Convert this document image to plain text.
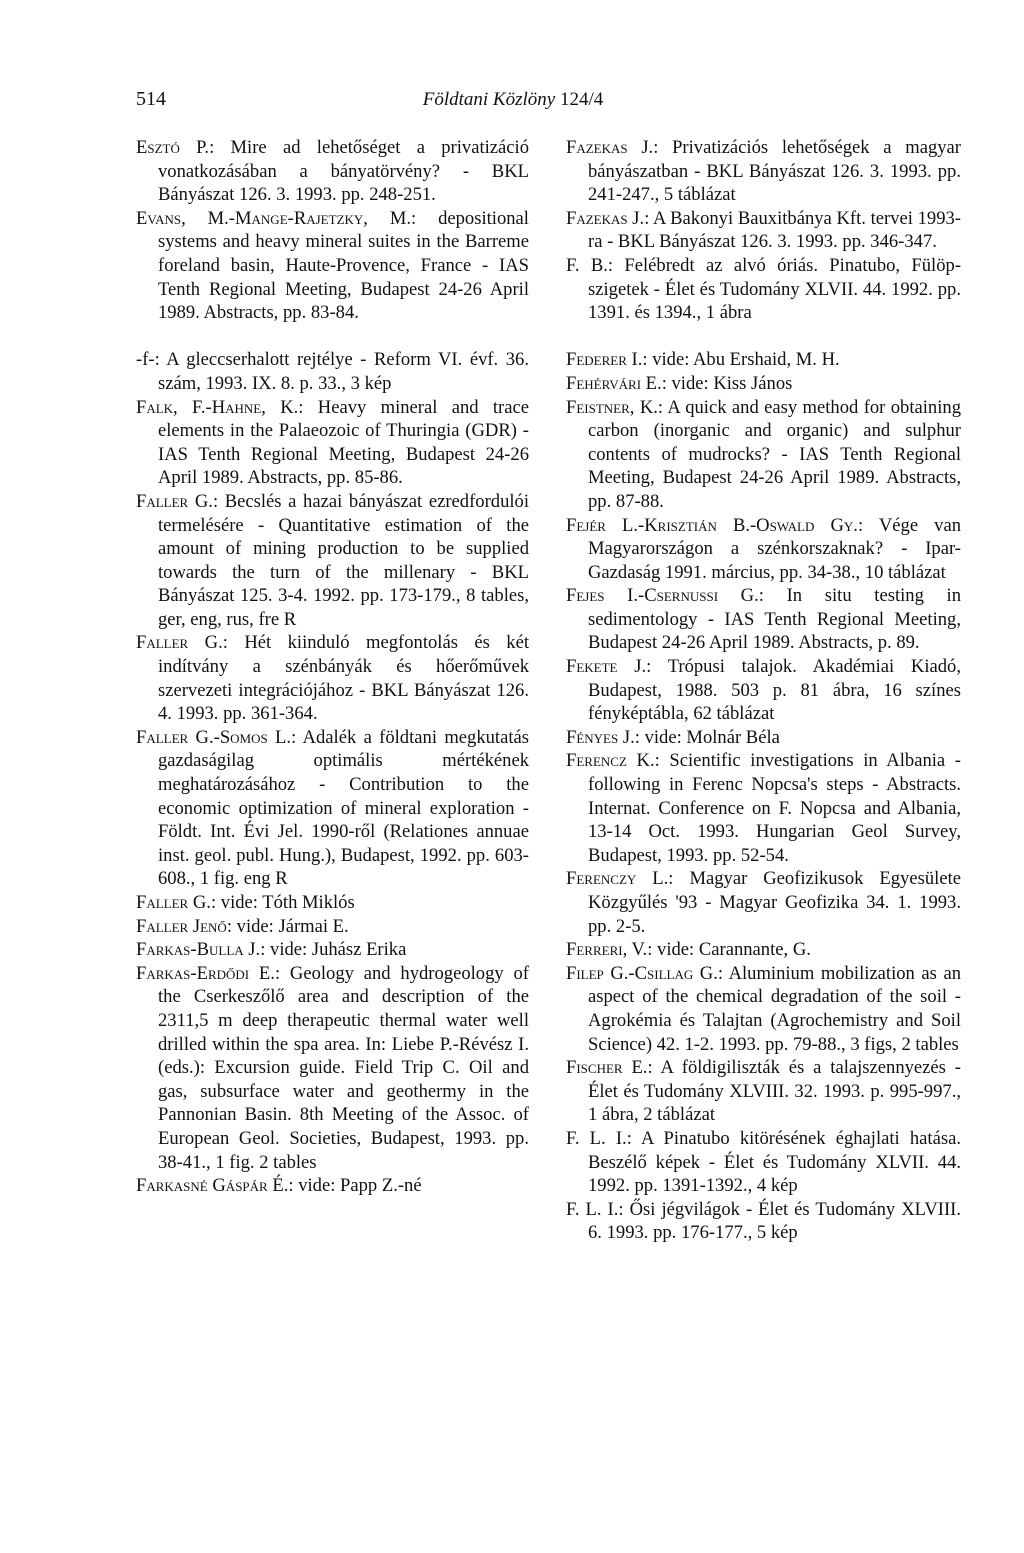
514	Földtani Közlöny 124/4
Esztó P.: Mire ad lehetőséget a privatizáció vonatkozásában a bányatörvény? - BKL Bányászat 126. 3. 1993. pp. 248-251.
Evans, M.-Mange-Rajetzky, M.: depositional systems and heavy mineral suites in the Barreme foreland basin, Haute-Provence, France - IAS Tenth Regional Meeting, Budapest 24-26 April 1989. Abstracts, pp. 83-84.
-f-: A gleccserhalott rejtélye - Reform VI. évf. 36. szám, 1993. IX. 8. p. 33., 3 kép
Falk, F.-Hahne, K.: Heavy mineral and trace elements in the Palaeozoic of Thuringia (GDR) - IAS Tenth Regional Meeting, Budapest 24-26 April 1989. Abstracts, pp. 85-86.
Faller G.: Becslés a hazai bányászat ezredfordulói termelésére - Quantitative estimation of the amount of mining production to be supplied towards the turn of the millenary - BKL Bányászat 125. 3-4. 1992. pp. 173-179., 8 tables, ger, eng, rus, fre R
Faller G.: Hét kiinduló megfontolás és két indítvány a szénbányák és hőerőművek szervezeti integrációjához - BKL Bányászat 126. 4. 1993. pp. 361-364.
Faller G.-Somos L.: Adalék a földtani megkutatás gazdaságilag optimális mértékének meghatározásához - Contribution to the economic optimization of mineral exploration - Földt. Int. Évi Jel. 1990-ről (Relationes annuae inst. geol. publ. Hung.), Budapest, 1992. pp. 603-608., 1 fig. eng R
Faller G.: vide: Tóth Miklós
Faller Jenő: vide: Jármai E.
Farkas-Bulla J.: vide: Juhász Erika
Farkas-Erdődi E.: Geology and hydrogeology of the Cserkeszőlő area and description of the 2311,5 m deep therapeutic thermal water well drilled within the spa area. In: Liebe P.-Révész I.(eds.): Excursion guide. Field Trip C. Oil and gas, subsurface water and geothermy in the Pannonian Basin. 8th Meeting of the Assoc. of European Geol. Societies, Budapest, 1993. pp. 38-41., 1 fig. 2 tables
Farkasné Gáspár É.: vide: Papp Z.-né
Fazekas J.: Privatizációs lehetőségek a magyar bányászatban - BKL Bányászat 126. 3. 1993. pp. 241-247., 5 táblázat
Fazekas J.: A Bakonyi Bauxitbánya Kft. tervei 1993-ra - BKL Bányászat 126. 3. 1993. pp. 346-347.
F. B.: Felébredt az alvó óriás. Pinatubo, Fülöp-szigetek - Élet és Tudomány XLVII. 44. 1992. pp. 1391. és 1394., 1 ábra
Federer I.: vide: Abu Ershaid, M. H.
Fehérvári E.: vide: Kiss János
Feistner, K.: A quick and easy method for obtaining carbon (inorganic and organic) and sulphur contents of mudrocks? - IAS Tenth Regional Meeting, Budapest 24-26 April 1989. Abstracts, pp. 87-88.
Fejér L.-Krisztián B.-Oswald Gy.: Vége van Magyarországon a szénkorszaknak? - Ipar-Gazdaság 1991. március, pp. 34-38., 10 táblázat
Fejes I.-Csernussi G.: In situ testing in sedimentology - IAS Tenth Regional Meeting, Budapest 24-26 April 1989. Abstracts, p. 89.
Fekete J.: Trópusi talajok. Akadémiai Kiadó, Budapest, 1988. 503 p. 81 ábra, 16 színes fényképtábla, 62 táblázat
Fényes J.: vide: Molnár Béla
Ferencz K.: Scientific investigations in Albania - following in Ferenc Nopcsa's steps - Abstracts. Internat. Conference on F. Nopcsa and Albania, 13-14 Oct. 1993. Hungarian Geol Survey, Budapest, 1993. pp. 52-54.
Ferenczy L.: Magyar Geofizikusok Egyesülete Közgyűlés '93 - Magyar Geofizika 34. 1. 1993. pp. 2-5.
Ferreri, V.: vide: Carannante, G.
Filep G.-Csillag G.: Aluminium mobilization as an aspect of the chemical degradation of the soil - Agrokémia és Talajtan (Agrochemistry and Soil Science) 42. 1-2. 1993. pp. 79-88., 3 figs, 2 tables
Fischer E.: A földigiliszták és a talajszennyezés - Élet és Tudomány XLVIII. 32. 1993. p. 995-997., 1 ábra, 2 táblázat
F. L. I.: A Pinatubo kitörésének éghajlati hatása. Beszélő képek - Élet és Tudomány XLVII. 44. 1992. pp. 1391-1392., 4 kép
F. L. I.: Ősi jégvilágok - Élet és Tudomány XLVIII. 6. 1993. pp. 176-177., 5 kép
